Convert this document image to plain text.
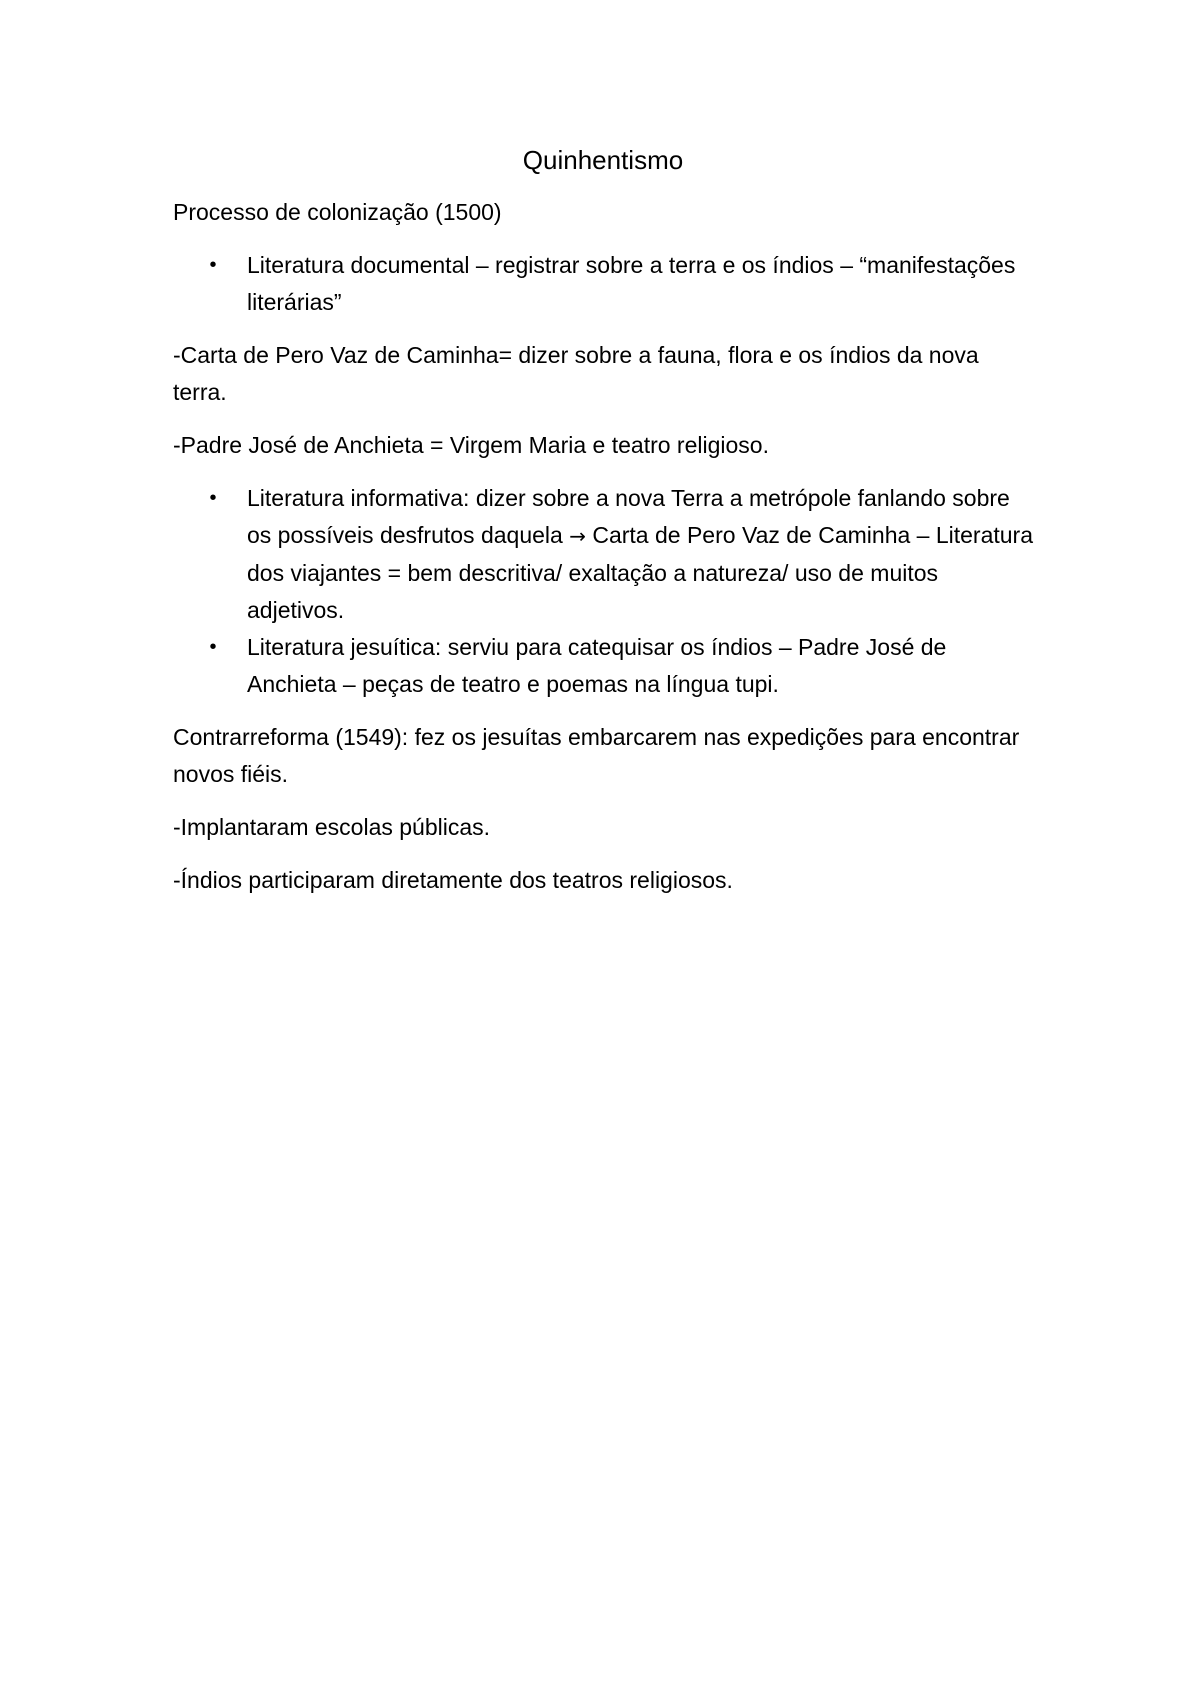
Quinhentismo
Processo de colonização (1500)
• Literatura documental – registrar sobre a terra e os índios – “manifestações literárias”
-Carta de Pero Vaz de Caminha= dizer sobre a fauna, flora e os índios da nova terra.
-Padre José de Anchieta = Virgem Maria e teatro religioso.
• Literatura informativa: dizer sobre a nova Terra a metrópole fanlando sobre os possíveis desfrutos daquela → Carta de Pero Vaz de Caminha – Literatura dos viajantes = bem descritiva/ exaltação a natureza/ uso de muitos adjetivos.
• Literatura jesuítica: serviu para catequisar os índios – Padre José de Anchieta – peças de teatro e poemas na língua tupi.
Contrarreforma (1549): fez os jesuítas embarcarem nas expedições para encontrar novos fiéis.
-Implantaram escolas públicas.
-Índios participaram diretamente dos teatros religiosos.
